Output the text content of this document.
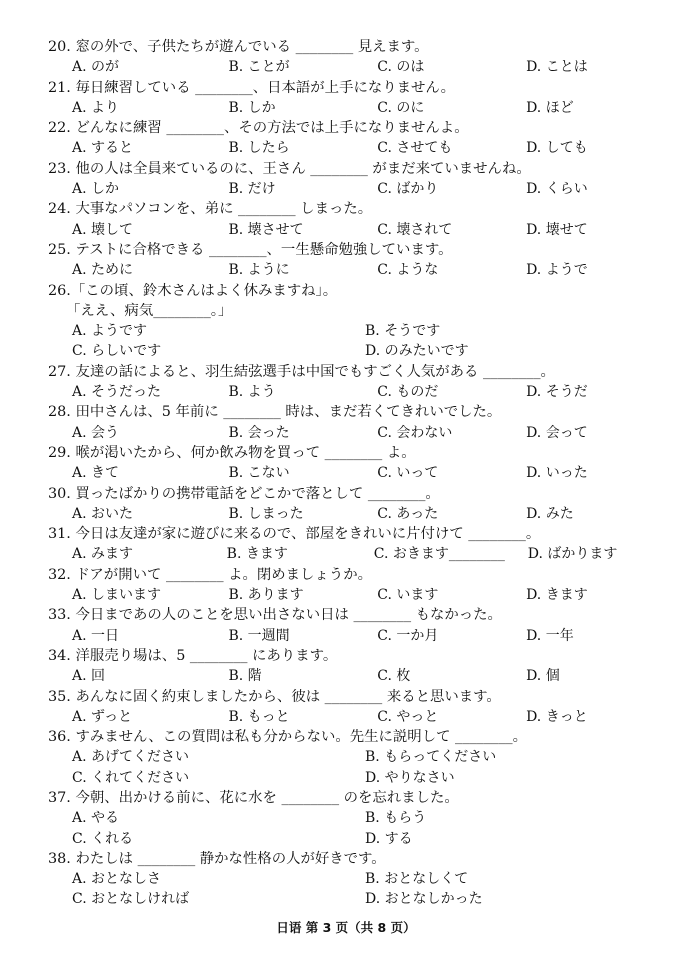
20. 窓の外で、子供たちが遊んでいる ________ 見えます。
A. のが	B. ことが	C. のは	D. ことは
21. 毎日練習している ________、日本語が上手になりません。
A. より	B. しか	C. のに	D. ほど
22. どんなに練習 ________、その方法では上手になりませんよ。
A. すると	B. したら	C. させても	D. しても
23. 他の人は全員来ているのに、王さん ________ がまだ来ていませんね。
A. しか	B. だけ	C. ばかり	D. くらい
24. 大事なパソコンを、弟に ________ しまった。
A. 壊して	B. 壊させて	C. 壊されて	D. 壊せて
25. テストに合格できる ________、一生懸命勉強しています。
A. ために	B. ように	C. ような	D. ようで
26.「この頃、鈴木さんはよく休みますね」。
「ええ、病気________。」
A. ようです	B. そうです
C. らしいです	D. のみたいです
27. 友達の話によると、羽生結弦選手は中国でもすごく人気がある ________。
A. そうだった	B. よう	C. ものだ	D. そうだ
28. 田中さんは、5 年前に ________ 時は、まだ若くてきれいでした。
A. 会う	B. 会った	C. 会わない	D. 会って
29. 喉が渇いたから、何か飲み物を買って ________ よ。
A. きて	B. こない	C. いって	D. いった
30. 買ったばかりの携帯電話をどこかで落として ________。
A. おいた	B. しまった	C. あった	D. みた
31. 今日は友達が家に遊びに来るので、部屋をきれいに片付けて ________。
A. みます	B. きます	C. おきます________	D. ばかります
32. ドアが開いて ________ よ。閉めましょうか。
A. しまいます	B. あります	C. います	D. きます
33. 今日まであの人のことを思い出さない日は ________ もなかった。
A. 一日	B. 一週間	C. 一か月	D. 一年
34. 洋服売り場は、5 ________ にあります。
A. 回	B. 階	C. 枚	D. 個
35. あんなに固く約束しましたから、彼は ________ 来ると思います。
A. ずっと	B. もっと	C. やっと	D. きっと
36. すみません、この質問は私も分からない。先生に説明して ________。
A. あげてください	B. もらってください
C. くれてください	D. やりなさい
37. 今朝、出かける前に、花に水を ________ のを忘れました。
A. やる	B. もらう
C. くれる	D. する
38. わたしは ________ 静かな性格の人が好きです。
A. おとなしさ	B. おとなしくて
C. おとなしければ	D. おとなしかった
日语 第 3 页（共 8 页）
